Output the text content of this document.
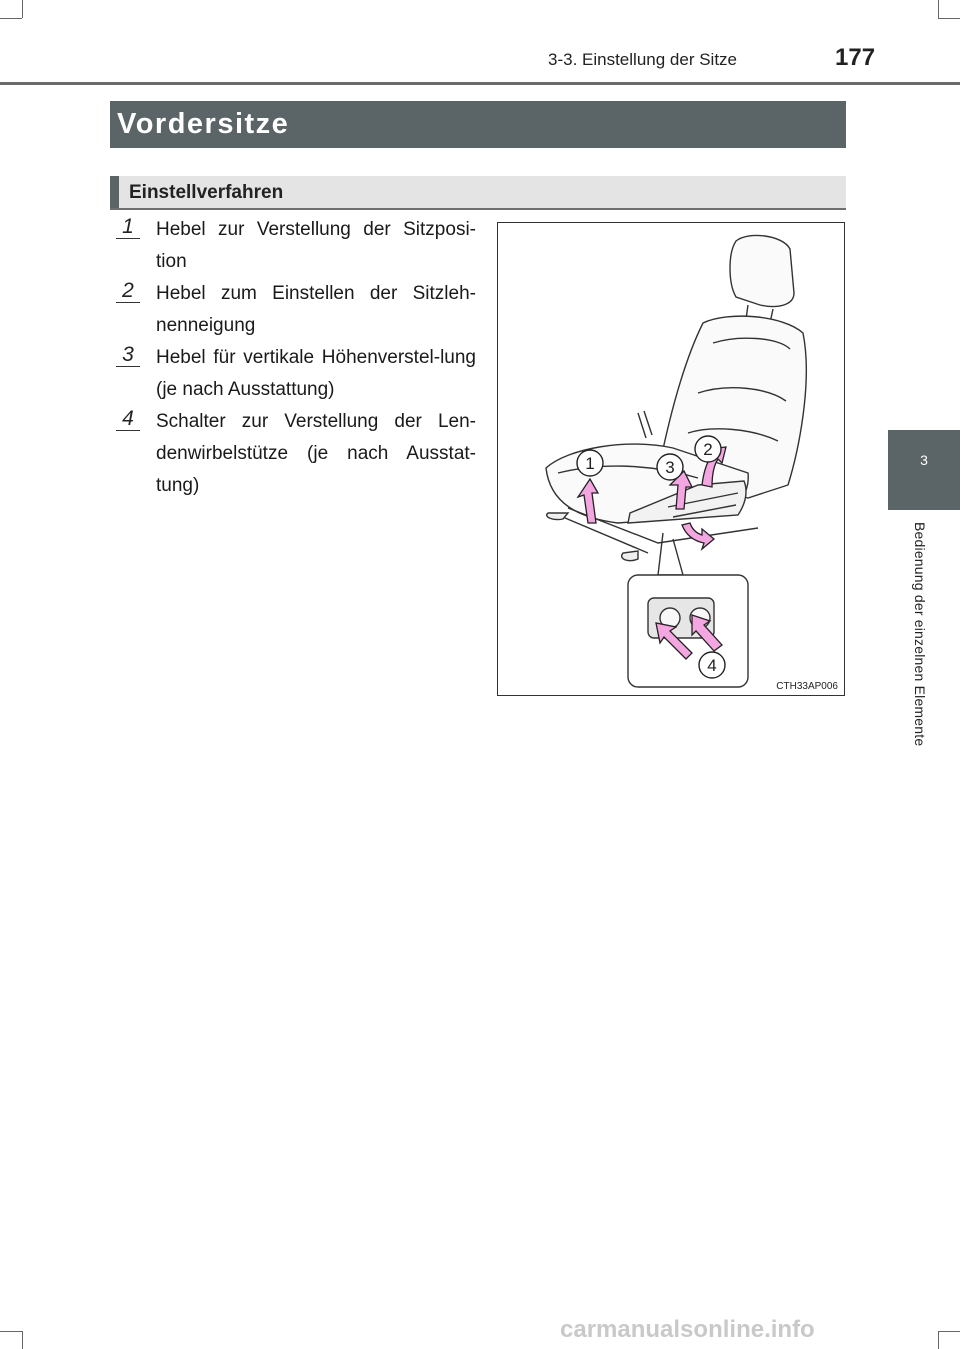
3-3. Einstellung der Sitze	177
Vordersitze
Einstellverfahren
1	Hebel zur Verstellung der Sitzposi-tion
2	Hebel zum Einstellen der Sitzleh-nenneigung
3	Hebel für vertikale Höhenverstel-lung (je nach Ausstattung)
4	Schalter zur Verstellung der Len-denwirbelstütze (je nach Ausstat-tung)
1
2
3
4
CTH33AP006
3
Bedienung der einzelnen Elemente
carmanualsonline.info
